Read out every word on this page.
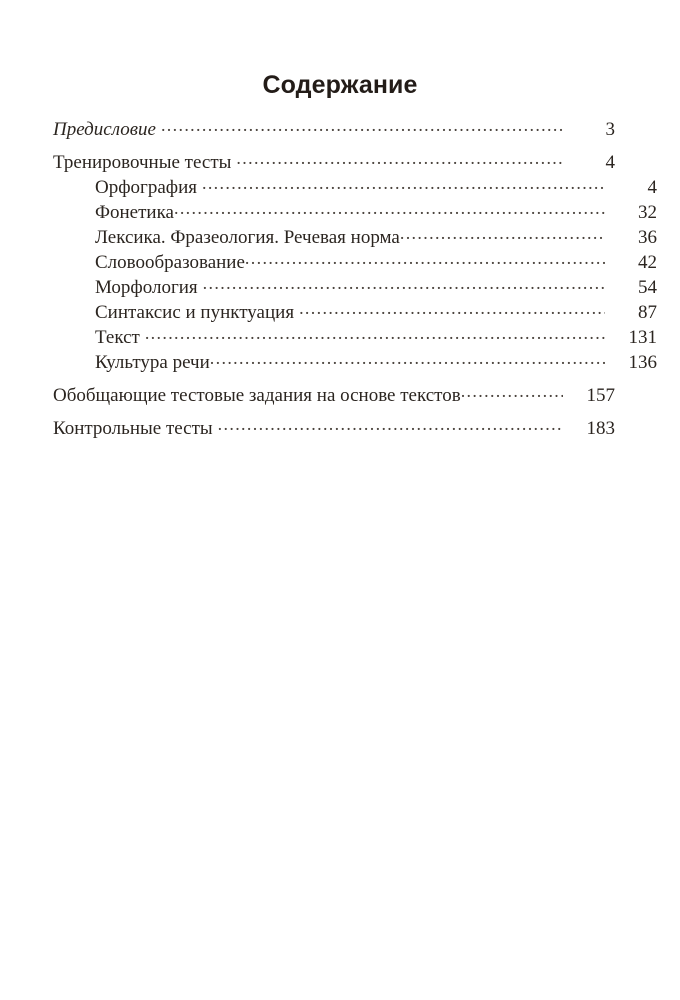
Содержание
Предисловие .....	3
Тренировочные тесты .....	4
Орфография .....	4
Фонетика .....	32
Лексика. Фразеология. Речевая норма .....	36
Словообразование .....	42
Морфология .....	54
Синтаксис и пунктуация .....	87
Текст .....	131
Культура речи .....	136
Обобщающие тестовые задания на основе текстов .....	157
Контрольные тесты .....	183
